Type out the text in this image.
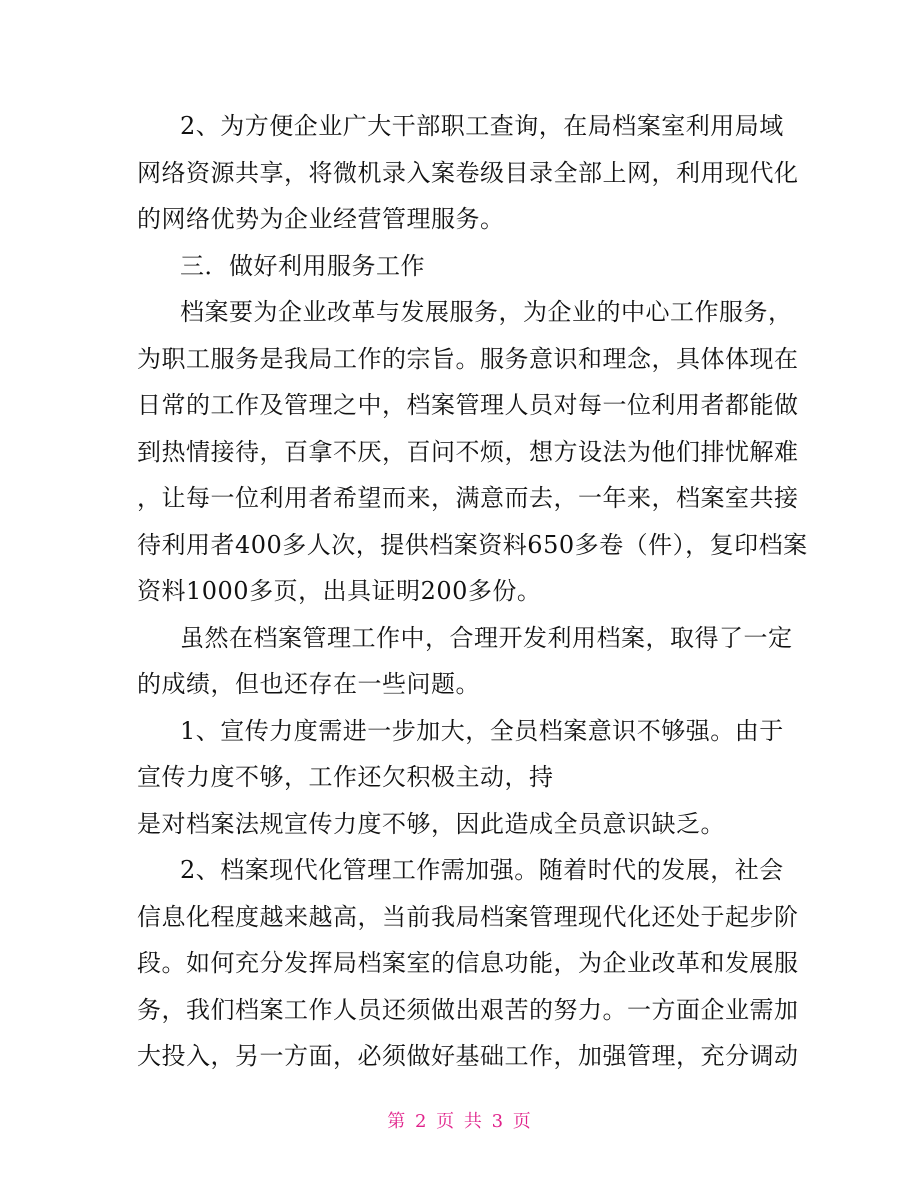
2、为方便企业广大干部职工查询，在局档案室利用局域
网络资源共享，将微机录入案卷级目录全部上网，利用现代化
的网络优势为企业经营管理服务。
三．做好利用服务工作
档案要为企业改革与发展服务，为企业的中心工作服务，
为职工服务是我局工作的宗旨。服务意识和理念，具体体现在
日常的工作及管理之中，档案管理人员对每一位利用者都能做
到热情接待，百拿不厌，百问不烦，想方设法为他们排忧解难
，让每一位利用者希望而来，满意而去，一年来，档案室共接
待利用者400多人次，提供档案资料650多卷（件），复印档案
资料1000多页，出具证明200多份。
虽然在档案管理工作中，合理开发利用档案，取得了一定
的成绩，但也还存在一些问题。
1、宣传力度需进一步加大，全员档案意识不够强。由于
宣传力度不够，工作还欠积极主动，持
是对档案法规宣传力度不够，因此造成全员意识缺乏。
2、档案现代化管理工作需加强。随着时代的发展，社会
信息化程度越来越高，当前我局档案管理现代化还处于起步阶
段。如何充分发挥局档案室的信息功能，为企业改革和发展服
务，我们档案工作人员还须做出艰苦的努力。一方面企业需加
大投入，另一方面，必须做好基础工作，加强管理，充分调动
第 2 页 共 3 页
